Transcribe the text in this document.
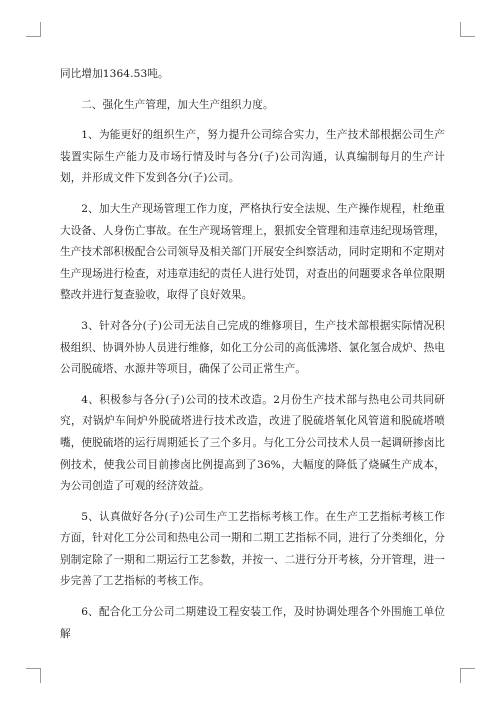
同比增加1364.53吨。

二、强化生产管理，加大生产组织力度。

1、为能更好的组织生产，努力提升公司综合实力，生产技术部根据公司生产装置实际生产能力及市场行情及时与各分(子)公司沟通，认真编制每月的生产计划，并形成文件下发到各分(子)公司。

2、加大生产现场管理工作力度，严格执行安全法规、生产操作规程，杜绝重大设备、人身伤亡事故。在生产现场管理上，狠抓安全管理和违章违纪现场管理，生产技术部积极配合公司领导及相关部门开展安全纠察活动，同时定期和不定期对生产现场进行检查，对违章违纪的责任人进行处罚，对查出的问题要求各单位限期整改并进行复查验收，取得了良好效果。

3、针对各分(子)公司无法自己完成的维修项目，生产技术部根据实际情况积极组织、协调外协人员进行维修，如化工分公司的高低沸塔、氯化氢合成炉、热电公司脱硫塔、水源井等项目，确保了公司正常生产。

4、积极参与各分(子)公司的技术改造。2月份生产技术部与热电公司共同研究，对锅炉车间炉外脱硫塔进行技术改造，改进了脱硫塔氧化风管道和脱硫塔喷嘴，使脱硫塔的运行周期延长了三个多月。与化工分公司技术人员一起调研掺卤比例技术，使我公司目前掺卤比例提高到了36%，大幅度的降低了烧碱生产成本，为公司创造了可观的经济效益。

5、认真做好各分(子)公司生产工艺指标考核工作。在生产工艺指标考核工作方面，针对化工分公司和热电公司一期和二期工艺指标不同，进行了分类细化，分别制定除了一期和二期运行工艺参数，并按一、二进行分开考核，分开管理，进一步完善了工艺指标的考核工作。

6、配合化工分公司二期建设工程安装工作，及时协调处理各个外围施工单位解
